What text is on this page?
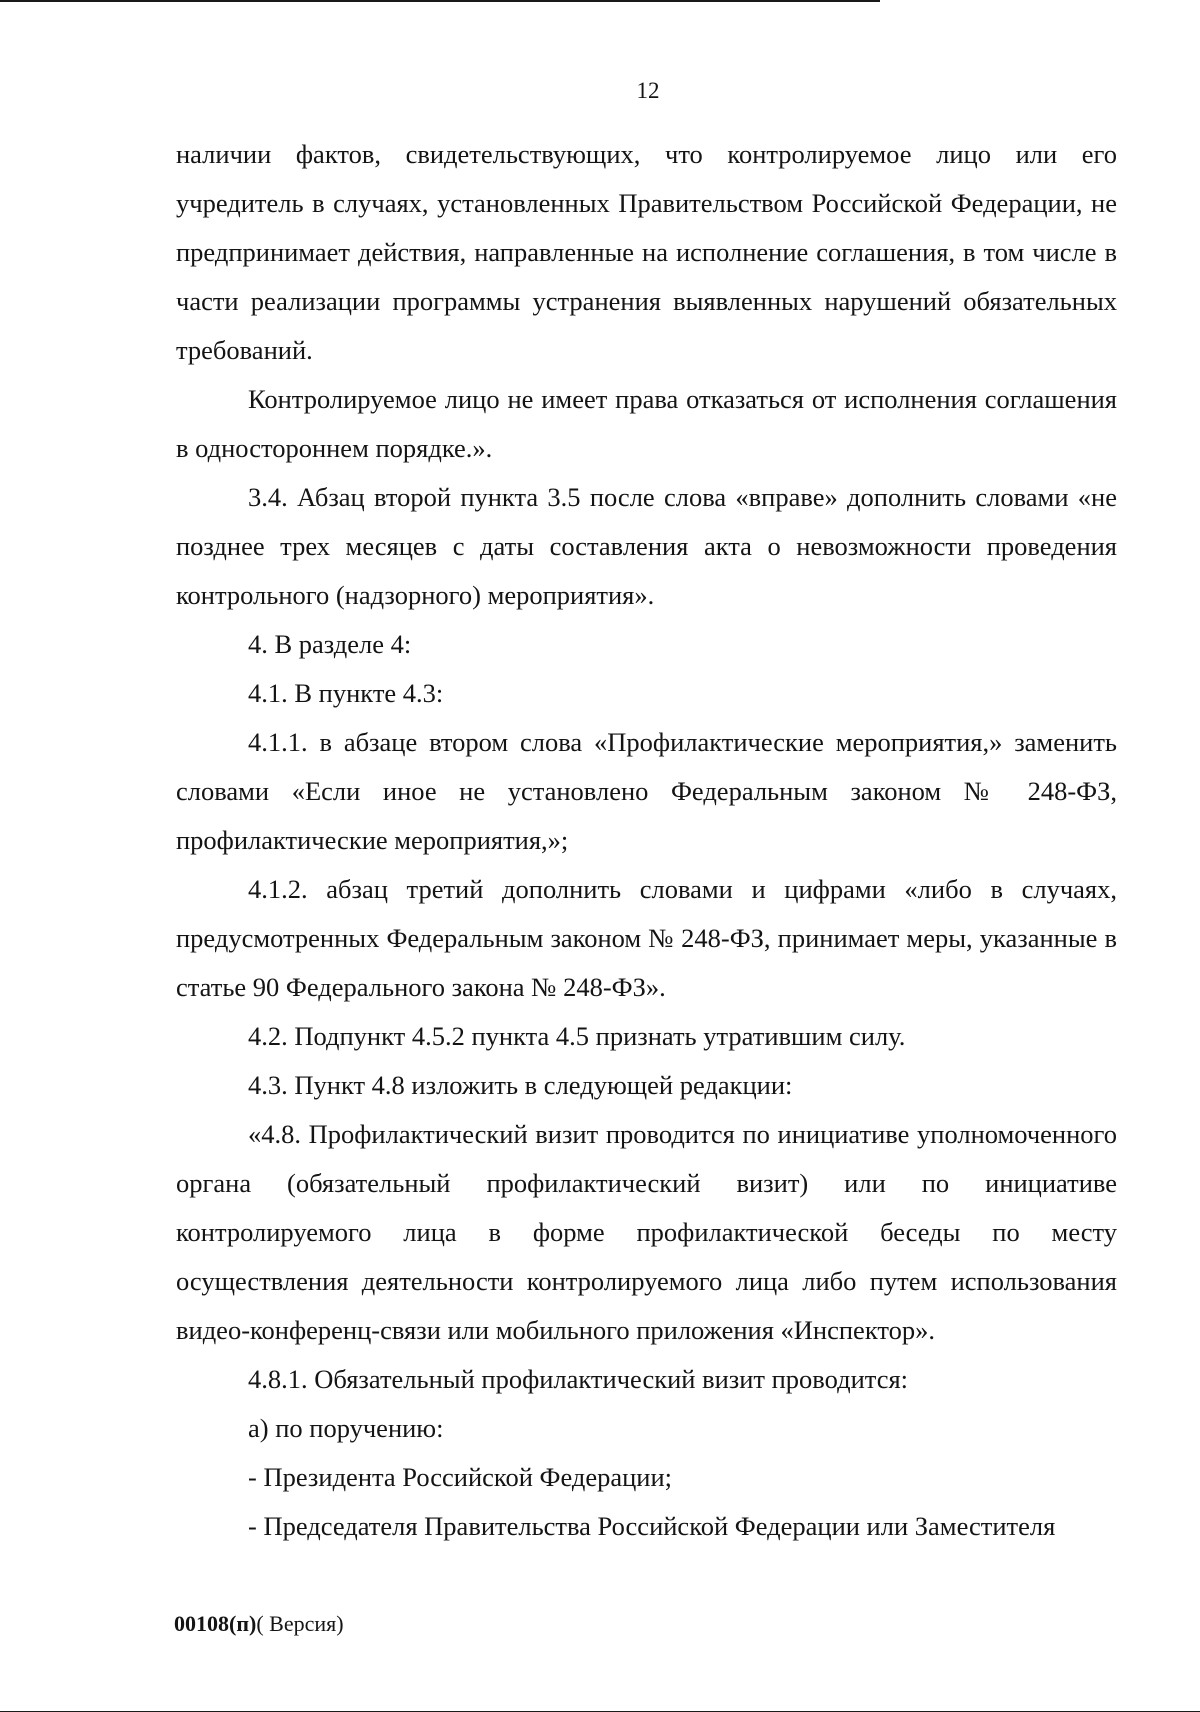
12

наличии фактов, свидетельствующих, что контролируемое лицо или его учредитель в случаях, установленных Правительством Российской Федерации, не предпринимает действия, направленные на исполнение соглашения, в том числе в части реализации программы устранения выявленных нарушений обязательных требований.

Контролируемое лицо не имеет права отказаться от исполнения соглашения в одностороннем порядке.».

3.4. Абзац второй пункта 3.5 после слова «вправе» дополнить словами «не позднее трех месяцев с даты составления акта о невозможности проведения контрольного (надзорного) мероприятия».

4. В разделе 4:

4.1. В пункте 4.3:

4.1.1. в абзаце втором слова «Профилактические мероприятия,» заменить словами «Если иное не установлено Федеральным законом № 248-ФЗ, профилактические мероприятия,»;

4.1.2. абзац третий дополнить словами и цифрами «либо в случаях, предусмотренных Федеральным законом № 248-ФЗ, принимает меры, указанные в статье 90 Федерального закона № 248-ФЗ».

4.2. Подпункт 4.5.2 пункта 4.5 признать утратившим силу.

4.3. Пункт 4.8 изложить в следующей редакции:

«4.8. Профилактический визит проводится по инициативе уполномоченного органа (обязательный профилактический визит) или по инициативе контролируемого лица в форме профилактической беседы по месту осуществления деятельности контролируемого лица либо путем использования видео-конференц-связи или мобильного приложения «Инспектор».

4.8.1. Обязательный профилактический визит проводится:

а) по поручению:

- Президента Российской Федерации;

- Председателя Правительства Российской Федерации или Заместителя

00108(п)( Версия)
